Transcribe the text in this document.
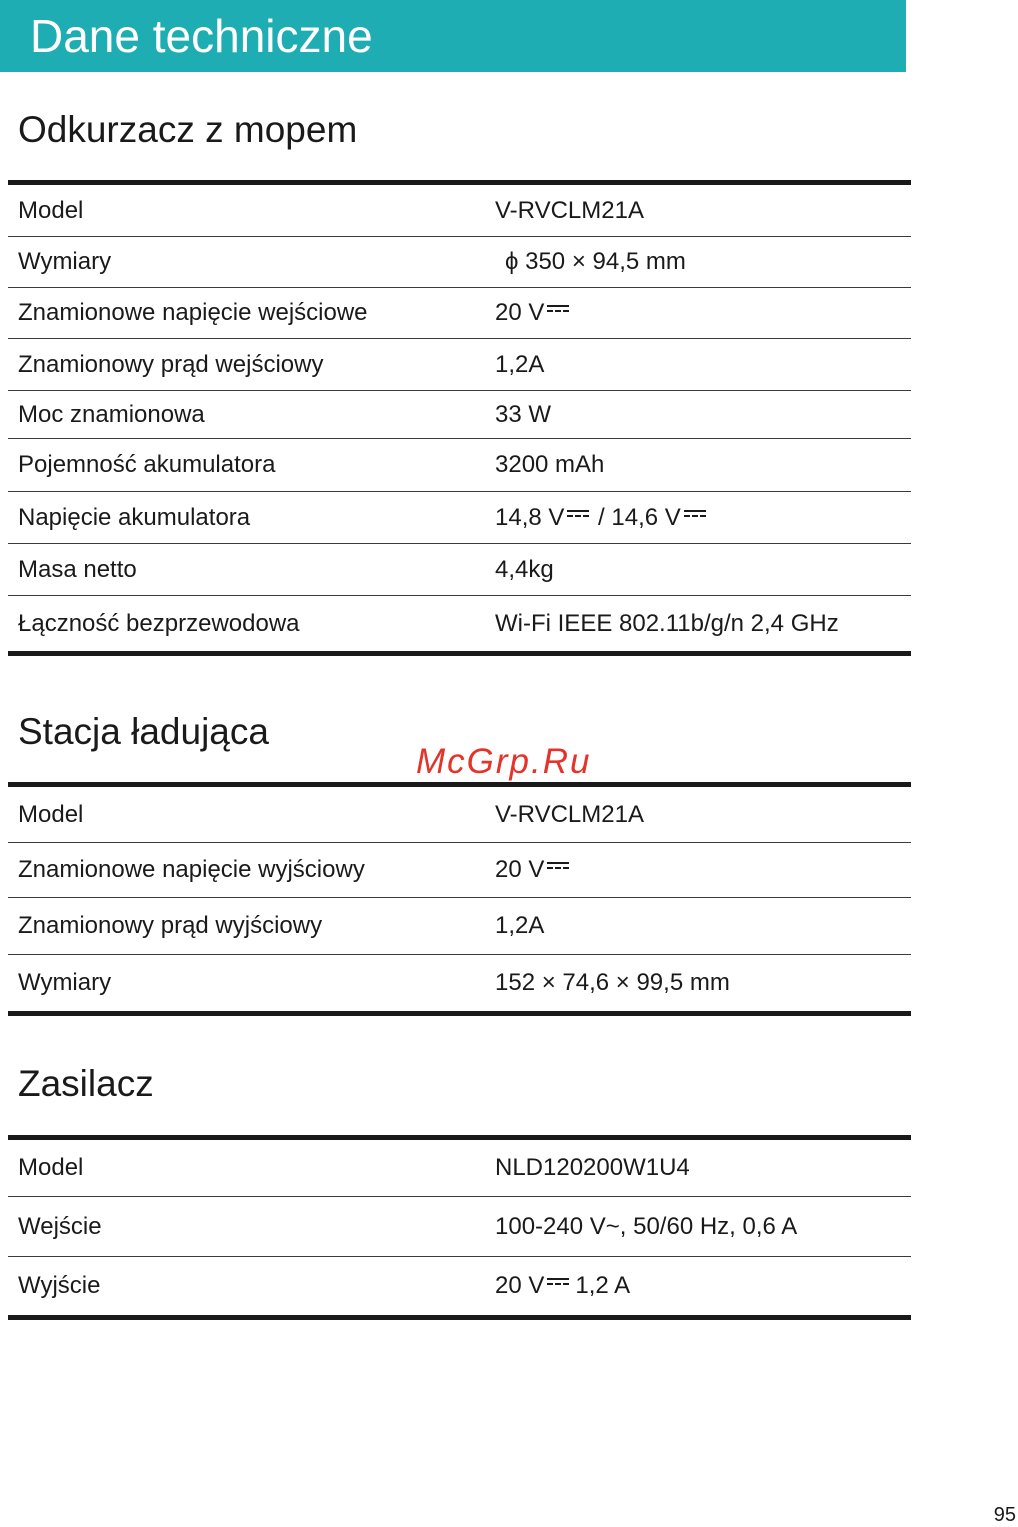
Dane techniczne
Odkurzacz z mopem
Model	V-RVCLM21A
Wymiary	ϕ 350 × 94,5 mm
Znamionowe napięcie wejściowe	20 V
Znamionowy prąd wejściowy	1,2A
Moc znamionowa	33 W
Pojemność akumulatora	3200 mAh
Napięcie akumulatora	14,8 V / 14,6 V
Masa netto	4,4kg
Łączność bezprzewodowa	Wi-Fi IEEE 802.11b/g/n 2,4 GHz
Stacja ładująca
McGrp.Ru
Model	V-RVCLM21A
Znamionowe napięcie wyjściowy	20 V
Znamionowy prąd wyjściowy	1,2A
Wymiary	152 × 74,6 × 99,5 mm
Zasilacz
Model	NLD120200W1U4
Wejście	100-240 V~, 50/60 Hz, 0,6 A
Wyjście	20 V 1,2 A
95
